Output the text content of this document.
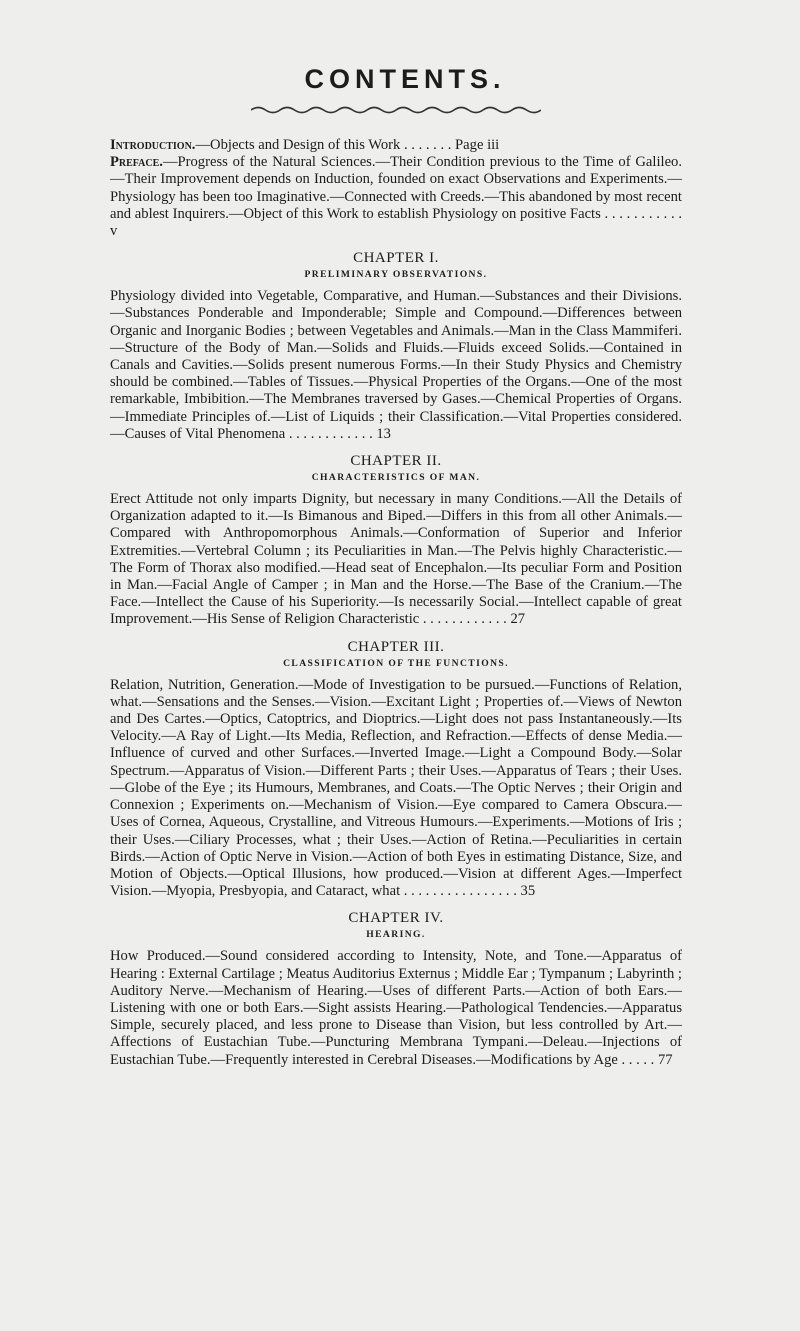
CONTENTS.

Introduction.—Objects and Design of this Work . . . . . . . Page iii

Preface.—Progress of the Natural Sciences.—Their Condition previous to the Time of Galileo.—Their Improvement depends on Induction, founded on exact Observations and Experiments.—Physiology has been too Imaginative.—Connected with Creeds.—This abandoned by most recent and ablest Inquirers.—Object of this Work to establish Physiology on positive Facts . . . . . . . . . . . v

CHAPTER I.
PRELIMINARY OBSERVATIONS.

Physiology divided into Vegetable, Comparative, and Human.—Substances and their Divisions.—Substances Ponderable and Imponderable; Simple and Compound.—Differences between Organic and Inorganic Bodies ; between Vegetables and Animals.—Man in the Class Mammiferi.—Structure of the Body of Man.—Solids and Fluids.—Fluids exceed Solids.—Contained in Canals and Cavities.—Solids present numerous Forms.—In their Study Physics and Chemistry should be combined.—Tables of Tissues.—Physical Properties of the Organs.—One of the most remarkable, Imbibition.—The Membranes traversed by Gases.—Chemical Properties of Organs.—Immediate Principles of.—List of Liquids ; their Classification.—Vital Properties considered.—Causes of Vital Phenomena . . . . . . . . . . . . 13

CHAPTER II.
CHARACTERISTICS OF MAN.

Erect Attitude not only imparts Dignity, but necessary in many Conditions.—All the Details of Organization adapted to it.—Is Bimanous and Biped.—Differs in this from all other Animals.—Compared with Anthropomorphous Animals.—Conformation of Superior and Inferior Extremities.—Vertebral Column ; its Peculiarities in Man.—The Pelvis highly Characteristic.—The Form of Thorax also modified.—Head seat of Encephalon.—Its peculiar Form and Position in Man.—Facial Angle of Camper ; in Man and the Horse.—The Base of the Cranium.—The Face.—Intellect the Cause of his Superiority.—Is necessarily Social.—Intellect capable of great Improvement.—His Sense of Religion Characteristic . . . . . . . . . . . . 27

CHAPTER III.
CLASSIFICATION OF THE FUNCTIONS.

Relation, Nutrition, Generation.—Mode of Investigation to be pursued.—Functions of Relation, what.—Sensations and the Senses.—Vision.—Excitant Light ; Properties of.—Views of Newton and Des Cartes.—Optics, Catoptrics, and Dioptrics.—Light does not pass Instantaneously.—Its Velocity.—A Ray of Light.—Its Media, Reflection, and Refraction.—Effects of dense Media.—Influence of curved and other Surfaces.—Inverted Image.—Light a Compound Body.—Solar Spectrum.—Apparatus of Vision.—Different Parts ; their Uses.—Apparatus of Tears ; their Uses.—Globe of the Eye ; its Humours, Membranes, and Coats.—The Optic Nerves ; their Origin and Connexion ; Experiments on.—Mechanism of Vision.—Eye compared to Camera Obscura.—Uses of Cornea, Aqueous, Crystalline, and Vitreous Humours.—Experiments.—Motions of Iris ; their Uses.—Ciliary Processes, what ; their Uses.—Action of Retina.—Peculiarities in certain Birds.—Action of Optic Nerve in Vision.—Action of both Eyes in estimating Distance, Size, and Motion of Objects.—Optical Illusions, how produced.—Vision at different Ages.—Imperfect Vision.—Myopia, Presbyopia, and Cataract, what . . . . . . . . . . . . . . . . 35

CHAPTER IV.
HEARING.

How Produced.—Sound considered according to Intensity, Note, and Tone.—Apparatus of Hearing : External Cartilage ; Meatus Auditorius Externus ; Middle Ear ; Tympanum ; Labyrinth ; Auditory Nerve.—Mechanism of Hearing.—Uses of different Parts.—Action of both Ears.—Listening with one or both Ears.—Sight assists Hearing.—Pathological Tendencies.—Apparatus Simple, securely placed, and less prone to Disease than Vision, but less controlled by Art.—Affections of Eustachian Tube.—Puncturing Membrana Tympani.—Deleau.—Injections of Eustachian Tube.—Frequently interested in Cerebral Diseases.—Modifications by Age . . . . . 77
